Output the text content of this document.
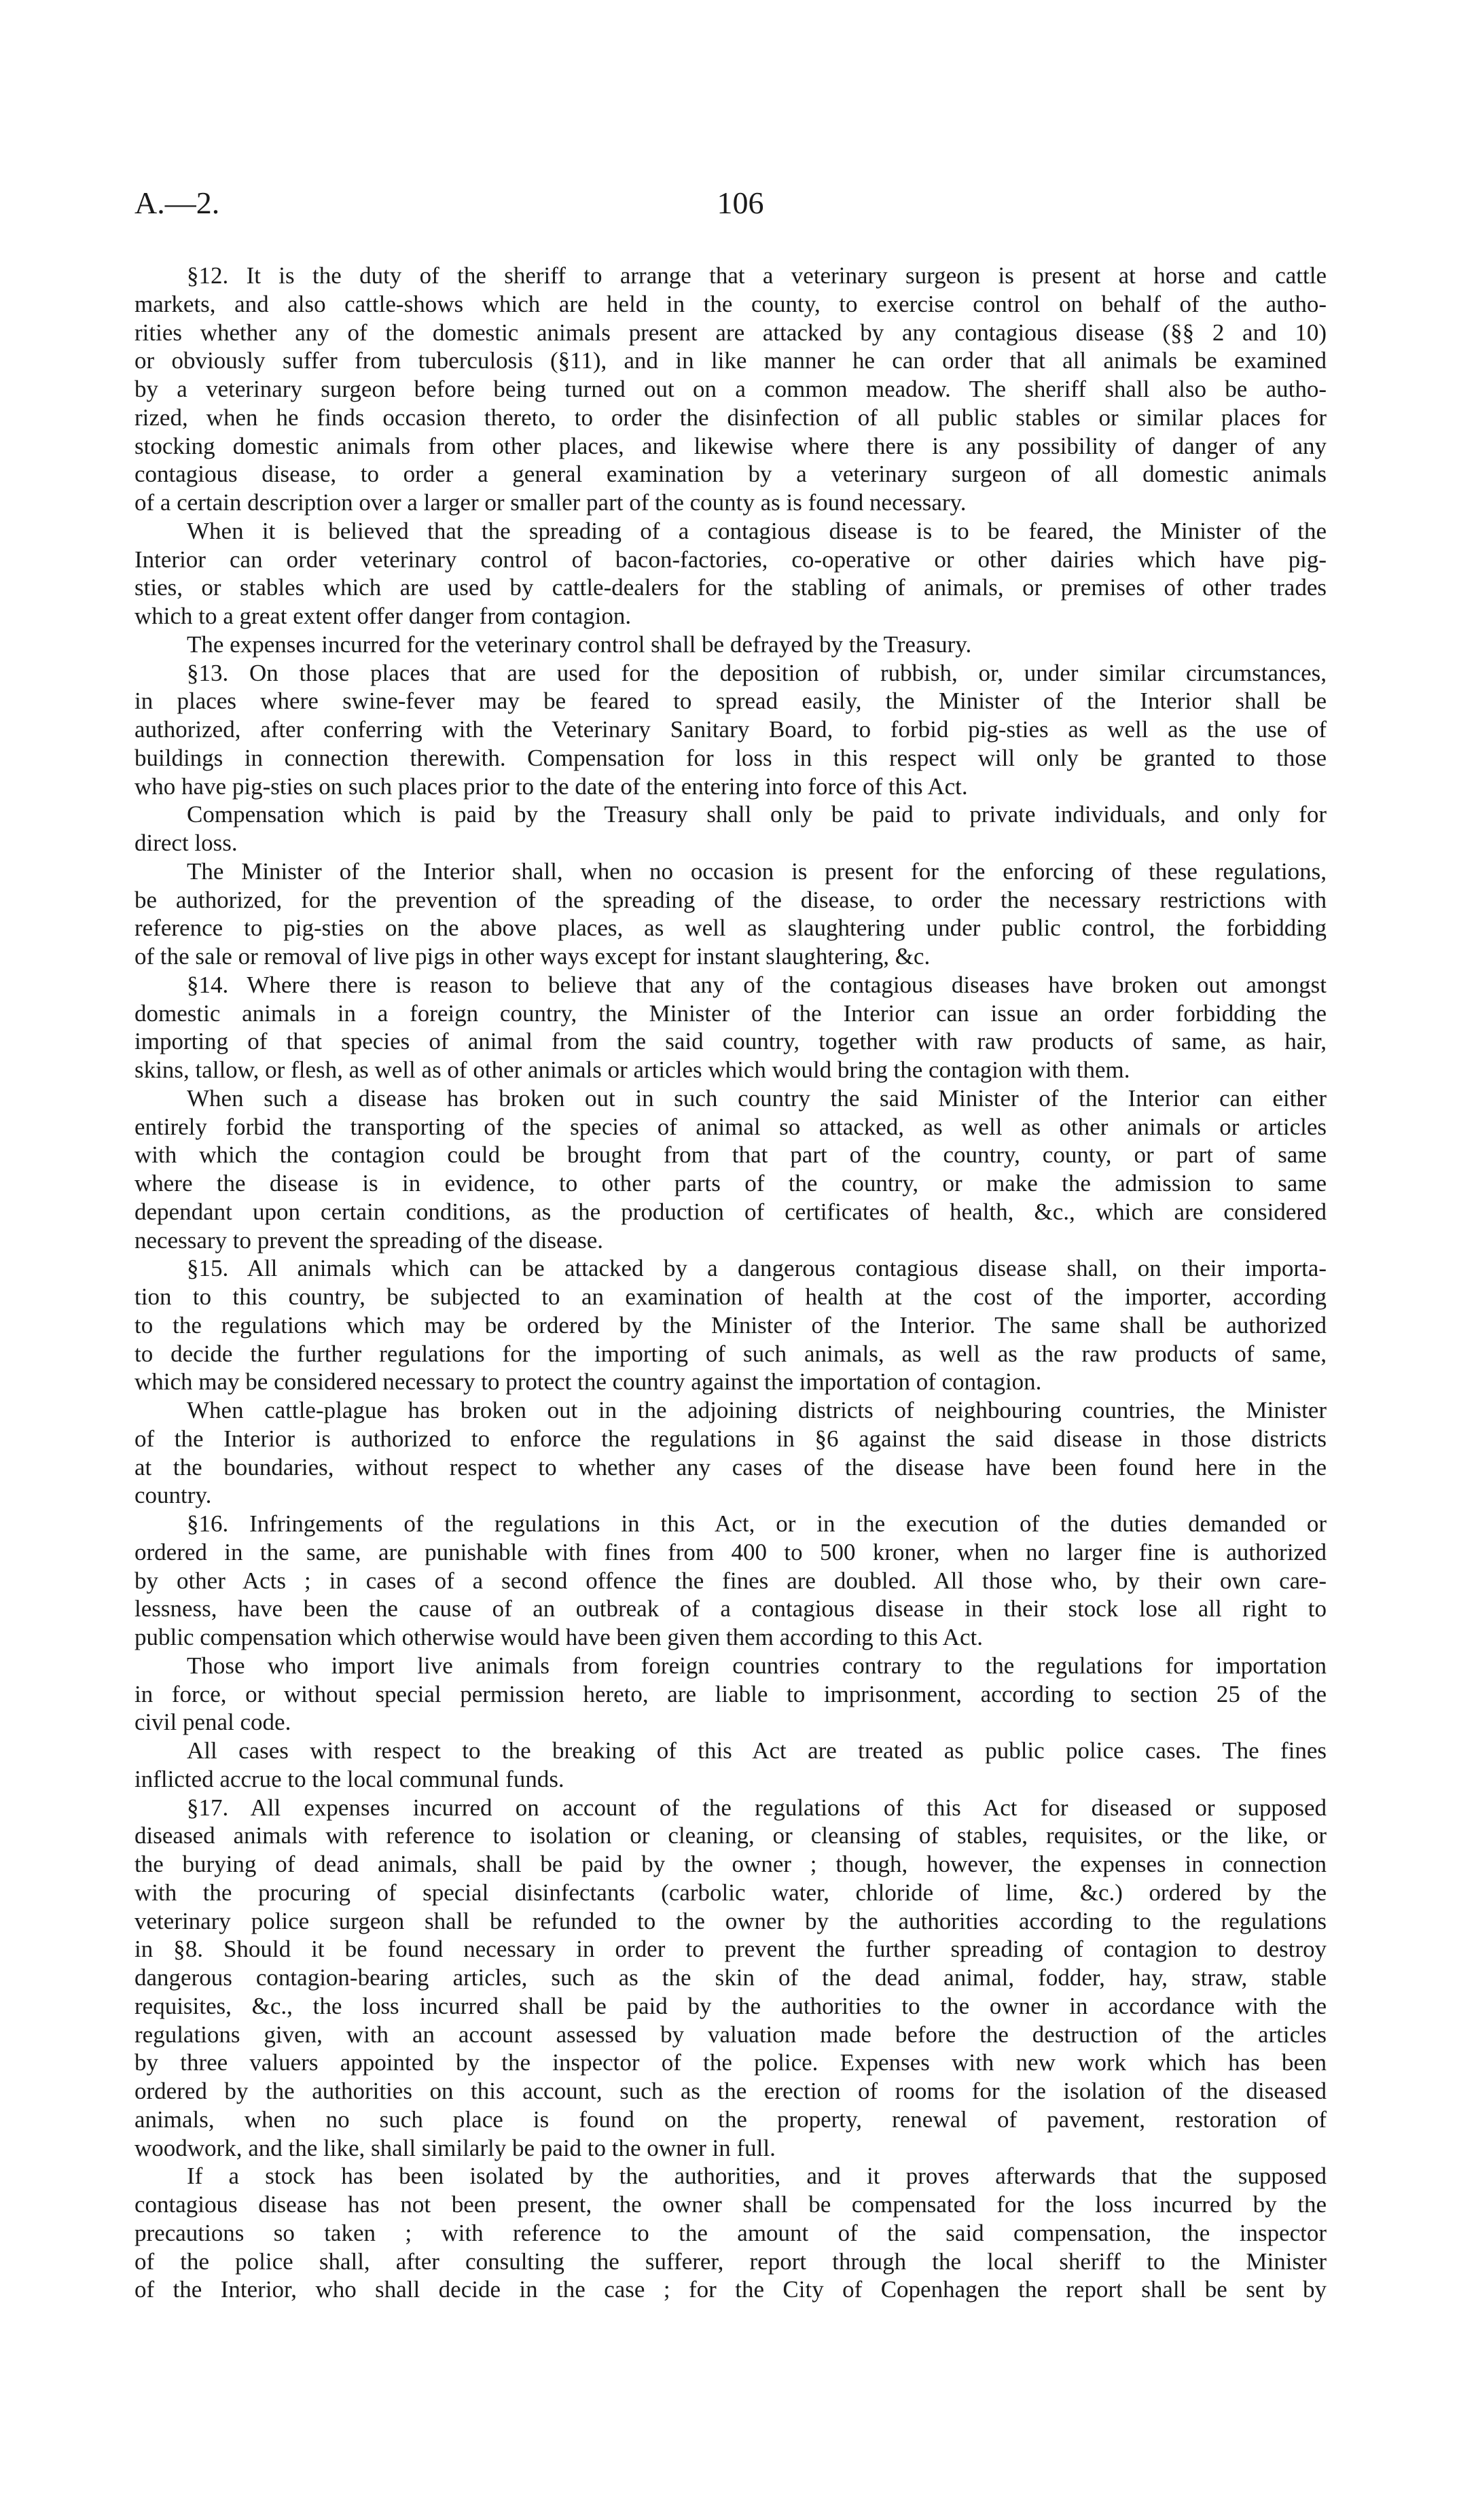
A.—2.	106
§12. It is the duty of the sheriff to arrange that a veterinary surgeon is present at horse and cattle
markets, and also cattle-shows which are held in the county, to exercise control on behalf of the autho-
rities whether any of the domestic animals present are attacked by any contagious disease (§§ 2 and 10)
or obviously suffer from tuberculosis (§11), and in like manner he can order that all animals be examined
by a veterinary surgeon before being turned out on a common meadow. The sheriff shall also be autho-
rized, when he finds occasion thereto, to order the disinfection of all public stables or similar places for
stocking domestic animals from other places, and likewise where there is any possibility of danger of any
contagious disease, to order a general examination by a veterinary surgeon of all domestic animals
of a certain description over a larger or smaller part of the county as is found necessary.
When it is believed that the spreading of a contagious disease is to be feared, the Minister of the
Interior can order veterinary control of bacon-factories, co-operative or other dairies which have pig-
sties, or stables which are used by cattle-dealers for the stabling of animals, or premises of other trades
which to a great extent offer danger from contagion.
The expenses incurred for the veterinary control shall be defrayed by the Treasury.
§13. On those places that are used for the deposition of rubbish, or, under similar circumstances,
in places where swine-fever may be feared to spread easily, the Minister of the Interior shall be
authorized, after conferring with the Veterinary Sanitary Board, to forbid pig-sties as well as the use of
buildings in connection therewith. Compensation for loss in this respect will only be granted to those
who have pig-sties on such places prior to the date of the entering into force of this Act.
Compensation which is paid by the Treasury shall only be paid to private individuals, and only for
direct loss.
The Minister of the Interior shall, when no occasion is present for the enforcing of these regulations,
be authorized, for the prevention of the spreading of the disease, to order the necessary restrictions with
reference to pig-sties on the above places, as well as slaughtering under public control, the forbidding
of the sale or removal of live pigs in other ways except for instant slaughtering, &c.
§14. Where there is reason to believe that any of the contagious diseases have broken out amongst
domestic animals in a foreign country, the Minister of the Interior can issue an order forbidding the
importing of that species of animal from the said country, together with raw products of same, as hair,
skins, tallow, or flesh, as well as of other animals or articles which would bring the contagion with them.
When such a disease has broken out in such country the said Minister of the Interior can either
entirely forbid the transporting of the species of animal so attacked, as well as other animals or articles
with which the contagion could be brought from that part of the country, county, or part of same
where the disease is in evidence, to other parts of the country, or make the admission to same
dependant upon certain conditions, as the production of certificates of health, &c., which are considered
necessary to prevent the spreading of the disease.
§15. All animals which can be attacked by a dangerous contagious disease shall, on their importa-
tion to this country, be subjected to an examination of health at the cost of the importer, according
to the regulations which may be ordered by the Minister of the Interior. The same shall be authorized
to decide the further regulations for the importing of such animals, as well as the raw products of same,
which may be considered necessary to protect the country against the importation of contagion.
When cattle-plague has broken out in the adjoining districts of neighbouring countries, the Minister
of the Interior is authorized to enforce the regulations in §6 against the said disease in those districts
at the boundaries, without respect to whether any cases of the disease have been found here in the
country.
§16. Infringements of the regulations in this Act, or in the execution of the duties demanded or
ordered in the same, are punishable with fines from 400 to 500 kroner, when no larger fine is authorized
by other Acts ; in cases of a second offence the fines are doubled. All those who, by their own care-
lessness, have been the cause of an outbreak of a contagious disease in their stock lose all right to
public compensation which otherwise would have been given them according to this Act.
Those who import live animals from foreign countries contrary to the regulations for importation
in force, or without special permission hereto, are liable to imprisonment, according to section 25 of the
civil penal code.
All cases with respect to the breaking of this Act are treated as public police cases. The fines
inflicted accrue to the local communal funds.
§17. All expenses incurred on account of the regulations of this Act for diseased or supposed
diseased animals with reference to isolation or cleaning, or cleansing of stables, requisites, or the like, or
the burying of dead animals, shall be paid by the owner ; though, however, the expenses in connection
with the procuring of special disinfectants (carbolic water, chloride of lime, &c.) ordered by the
veterinary police surgeon shall be refunded to the owner by the authorities according to the regulations
in §8. Should it be found necessary in order to prevent the further spreading of contagion to destroy
dangerous contagion-bearing articles, such as the skin of the dead animal, fodder, hay, straw, stable
requisites, &c., the loss incurred shall be paid by the authorities to the owner in accordance with the
regulations given, with an account assessed by valuation made before the destruction of the articles
by three valuers appointed by the inspector of the police. Expenses with new work which has been
ordered by the authorities on this account, such as the erection of rooms for the isolation of the diseased
animals, when no such place is found on the property, renewal of pavement, restoration of
woodwork, and the like, shall similarly be paid to the owner in full.
If a stock has been isolated by the authorities, and it proves afterwards that the supposed
contagious disease has not been present, the owner shall be compensated for the loss incurred by the
precautions so taken ; with reference to the amount of the said compensation, the inspector
of the police shall, after consulting the sufferer, report through the local sheriff to the Minister
of the Interior, who shall decide in the case ; for the City of Copenhagen the report shall be sent by
